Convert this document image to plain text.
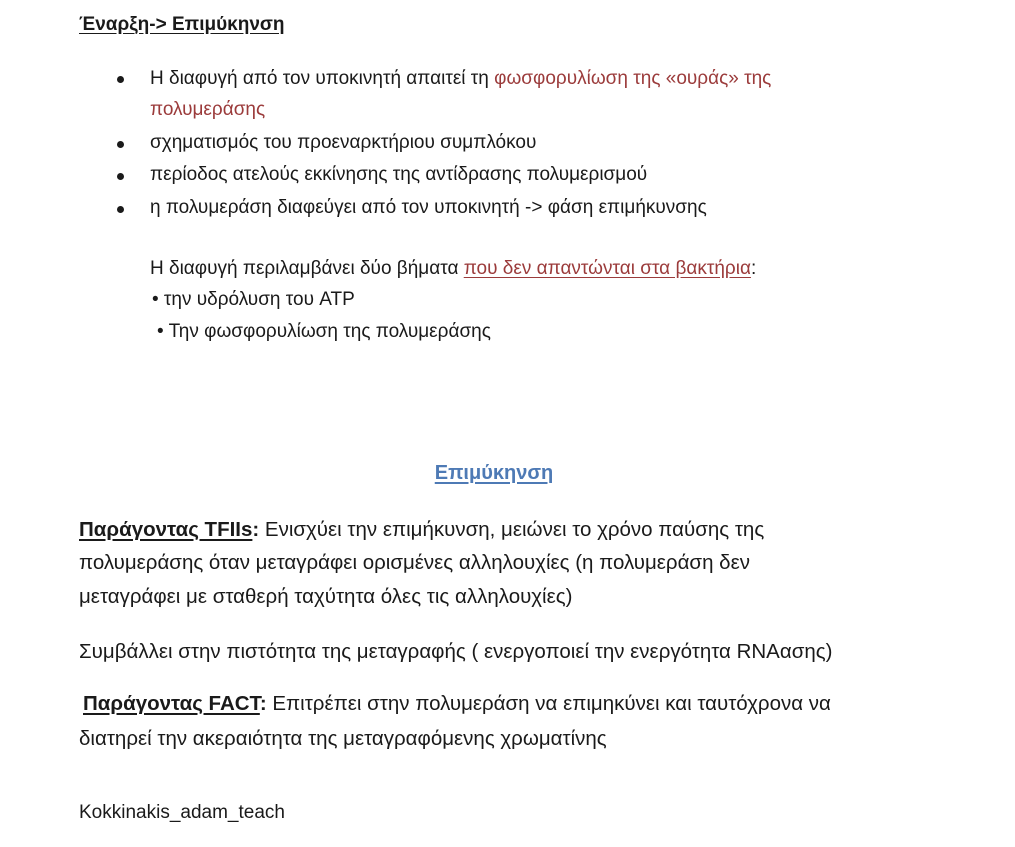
Έναρξη-> Επιμύκηνση
Η διαφυγή από τον υποκινητή απαιτεί τη φωσφορυλίωση της «ουράς» της
πολυμεράσης
σχηματισμός του προεναρκτήριου συμπλόκου
περίοδος ατελούς εκκίνησης της αντίδρασης πολυμερισμού
η πολυμεράση διαφεύγει από τον υποκινητή -> φάση επιμήκυνσης
Η διαφυγή περιλαμβάνει δύο βήματα που δεν απαντώνται στα βακτήρια:
• την υδρόλυση του ATP
• Την φωσφορυλίωση της πολυμεράσης
Επιμύκηνση
Παράγοντας TFIIs: Ενισχύει την επιμήκυνση, μειώνει το χρόνο παύσης της
πολυμεράσης όταν μεταγράφει ορισμένες αλληλουχίες (η πολυμεράση δεν
μεταγράφει με σταθερή ταχύτητα όλες τις αλληλουχίες)
Συμβάλλει στην πιστότητα της μεταγραφής ( ενεργοποιεί την ενεργότητα RNAασης)
Παράγοντας FACT: Επιτρέπει στην πολυμεράση να επιμηκύνει και ταυτόχρονα να
διατηρεί την ακεραιότητα της μεταγραφόμενης χρωματίνης
Kokkinakis_adam_teach
